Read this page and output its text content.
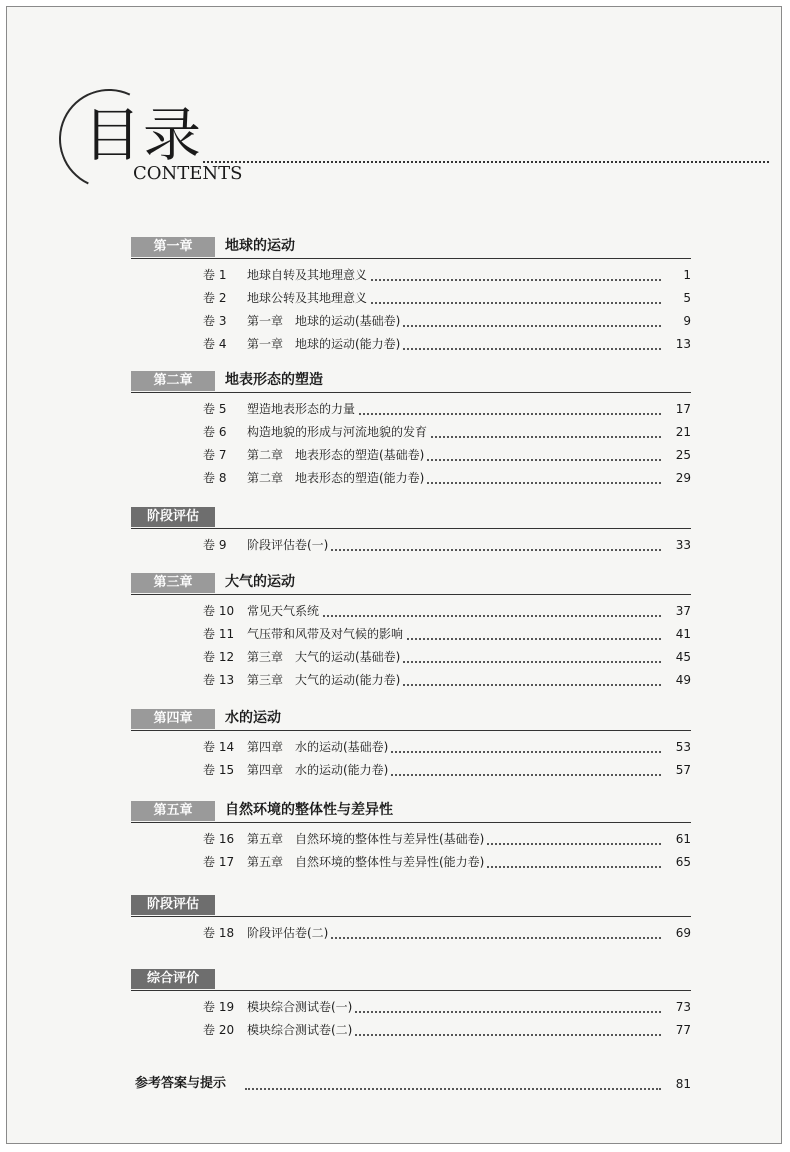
目录
CONTENTS
第一章	地球的运动
卷 1 地球自转及其地理意义	1
卷 2 地球公转及其地理意义	5
卷 3 第一章　地球的运动(基础卷)	9
卷 4 第一章　地球的运动(能力卷)	13
第二章	地表形态的塑造
卷 5 塑造地表形态的力量	17
卷 6 构造地貌的形成与河流地貌的发育	21
卷 7 第二章　地表形态的塑造(基础卷)	25
卷 8 第二章　地表形态的塑造(能力卷)	29
阶段评估
卷 9 阶段评估卷(一)	33
第三章	大气的运动
卷 10 常见天气系统	37
卷 11 气压带和风带及对气候的影响	41
卷 12 第三章　大气的运动(基础卷)	45
卷 13 第三章　大气的运动(能力卷)	49
第四章	水的运动
卷 14 第四章　水的运动(基础卷)	53
卷 15 第四章　水的运动(能力卷)	57
第五章	自然环境的整体性与差异性
卷 16 第五章　自然环境的整体性与差异性(基础卷)	61
卷 17 第五章　自然环境的整体性与差异性(能力卷)	65
阶段评估
卷 18 阶段评估卷(二)	69
综合评价
卷 19 模块综合测试卷(一)	73
卷 20 模块综合测试卷(二)	77
参考答案与提示	81
